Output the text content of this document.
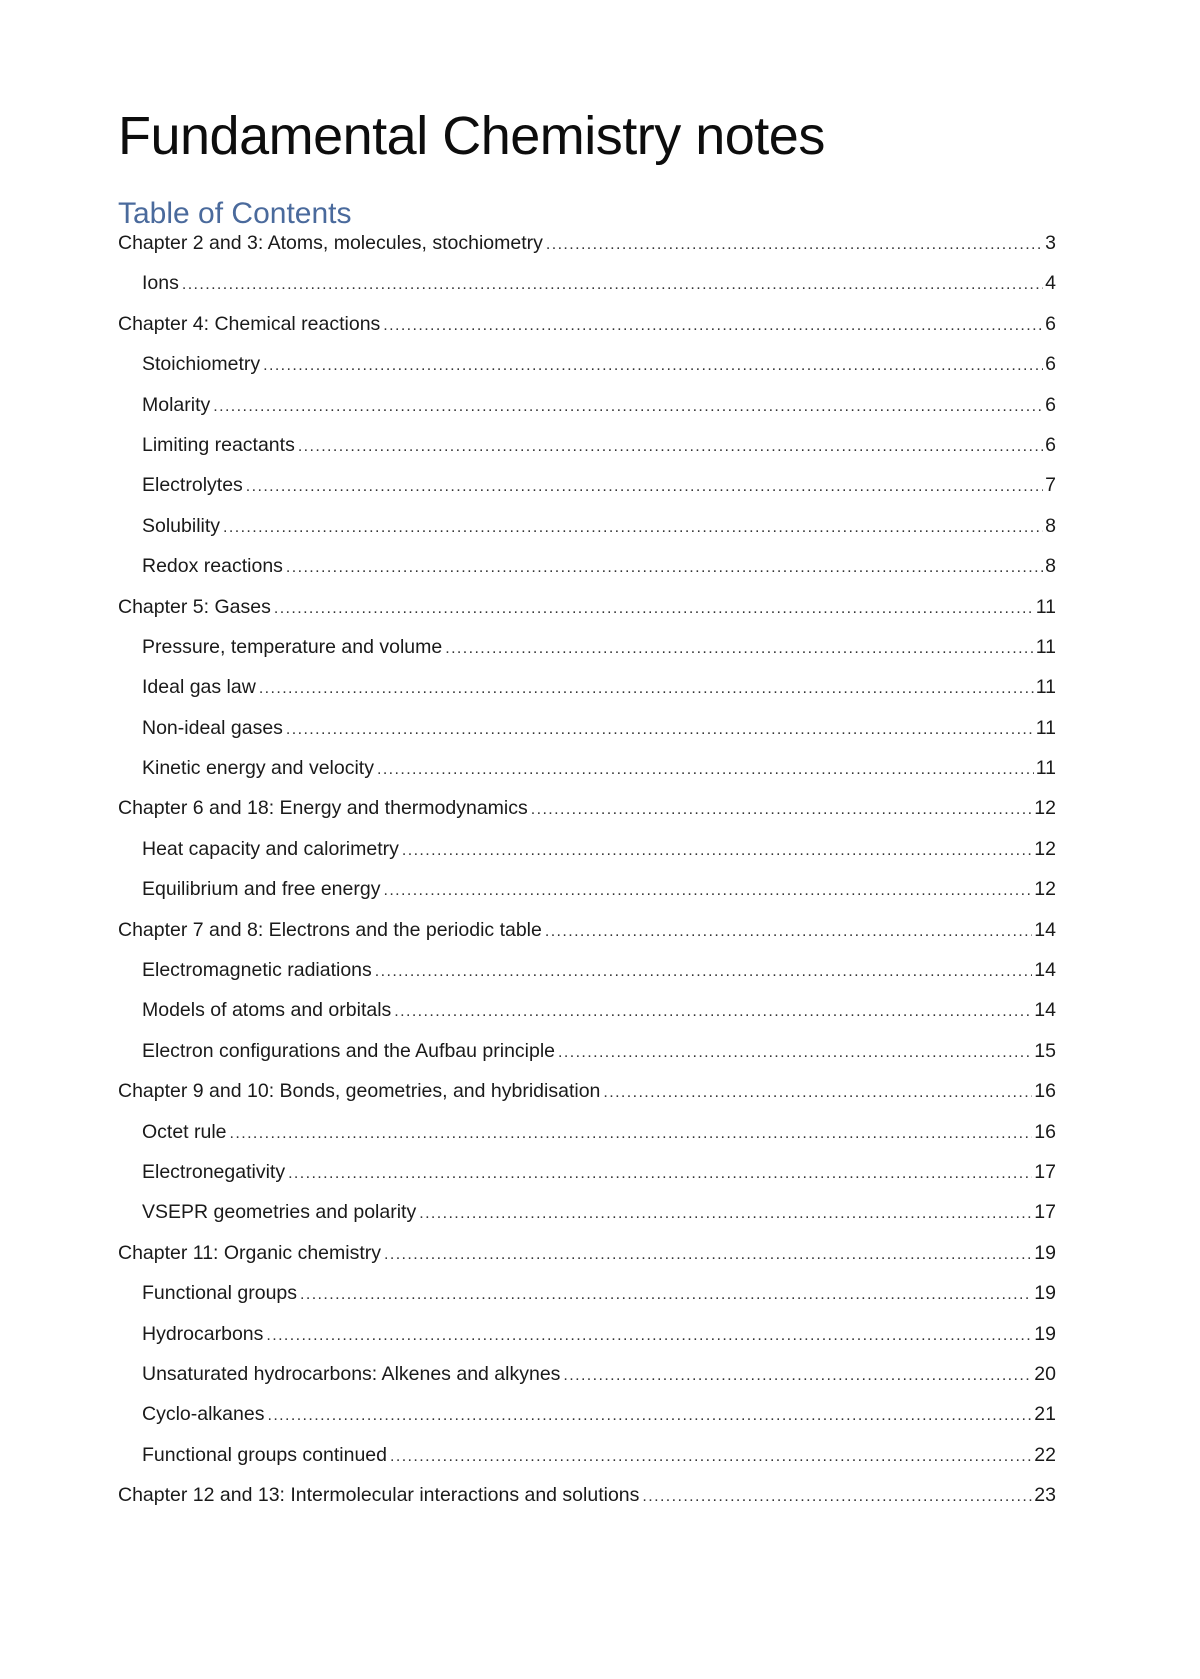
Fundamental Chemistry notes
Table of Contents
Chapter 2 and 3: Atoms, molecules, stochiometry .....	3
Ions .....	4
Chapter 4: Chemical reactions .....	6
Stoichiometry .....	6
Molarity .....	6
Limiting reactants .....	6
Electrolytes .....	7
Solubility .....	8
Redox reactions .....	8
Chapter 5: Gases .....	11
Pressure, temperature and volume .....	11
Ideal gas law .....	11
Non-ideal gases .....	11
Kinetic energy and velocity .....	11
Chapter 6 and 18: Energy and thermodynamics .....	12
Heat capacity and calorimetry .....	12
Equilibrium and free energy .....	12
Chapter 7 and 8: Electrons and the periodic table .....	14
Electromagnetic radiations .....	14
Models of atoms and orbitals .....	14
Electron configurations and the Aufbau principle .....	15
Chapter 9 and 10: Bonds, geometries, and hybridisation .....	16
Octet rule .....	16
Electronegativity .....	17
VSEPR geometries and polarity .....	17
Chapter 11: Organic chemistry .....	19
Functional groups .....	19
Hydrocarbons .....	19
Unsaturated hydrocarbons: Alkenes and alkynes .....	20
Cyclo-alkanes .....	21
Functional groups continued .....	22
Chapter 12 and 13: Intermolecular interactions and solutions .....	23
